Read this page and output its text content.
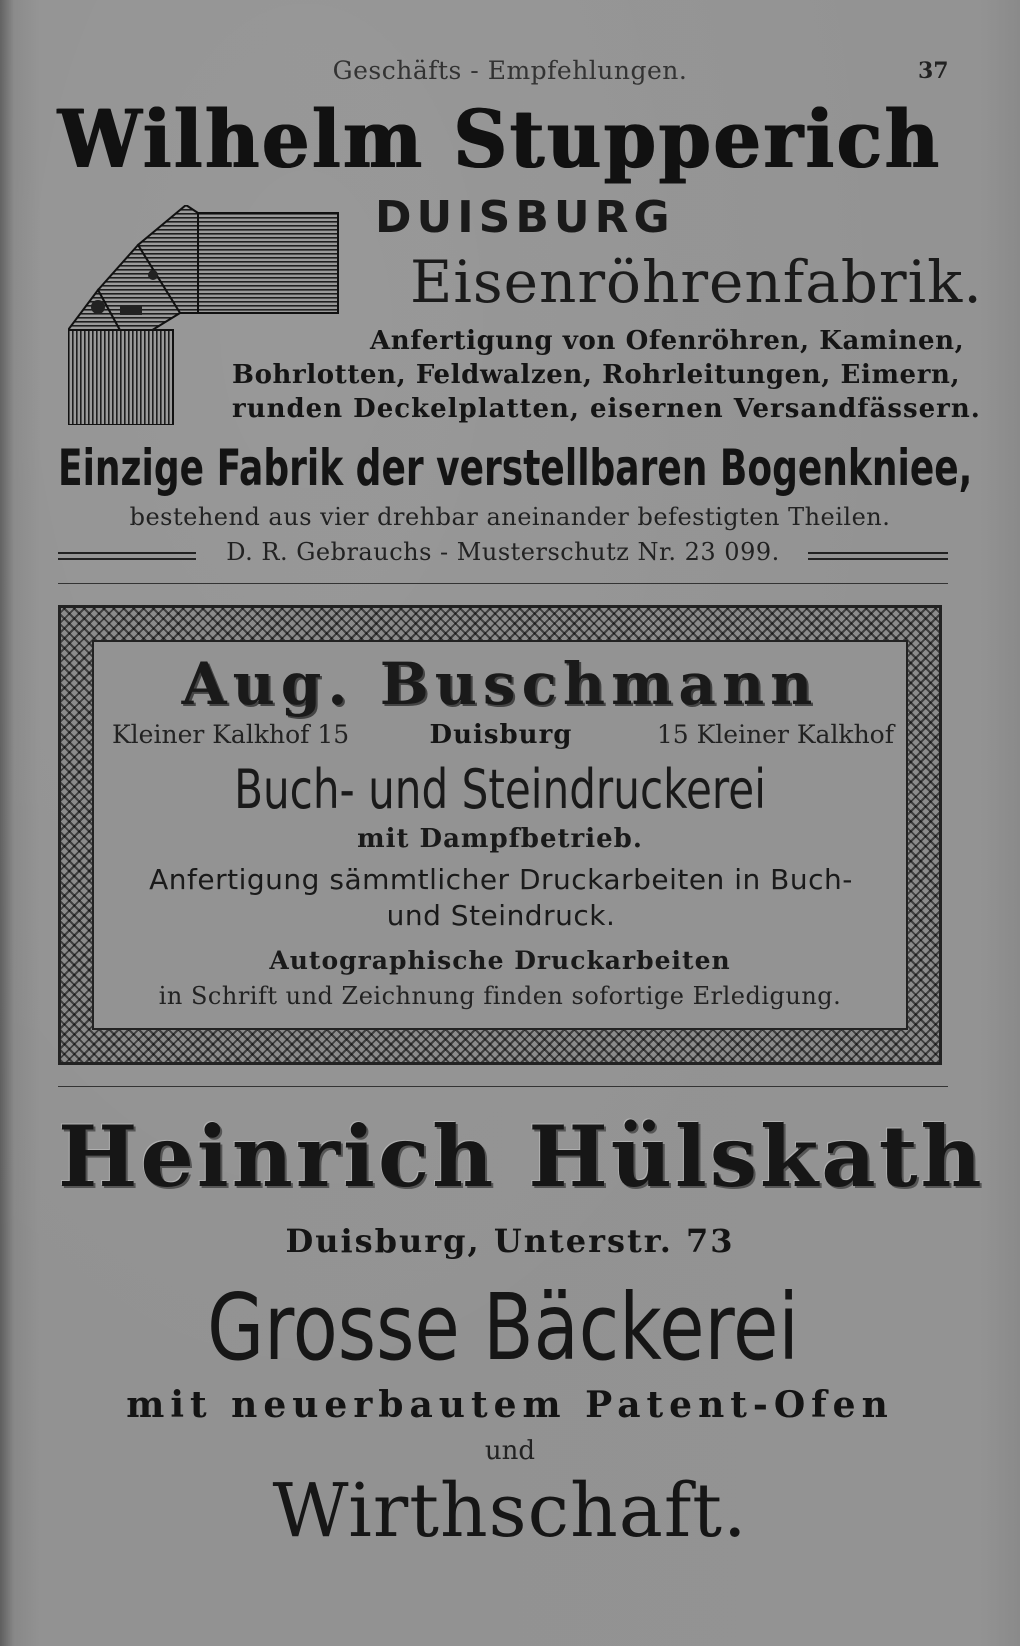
Geschäfts - Empfehlungen.	37
Wilhelm Stupperich
DUISBURG
Eisenröhrenfabrik.
Anfertigung von Ofenröhren, Kaminen,
Bohrlotten, Feldwalzen, Rohrleitungen, Eimern,
runden Deckelplatten, eisernen Versandfässern.
Einzige Fabrik der verstellbaren Bogenkniee,
bestehend aus vier drehbar aneinander befestigten Theilen.
D. R. Gebrauchs - Musterschutz Nr. 23 099.
Aug. Buschmann
Kleiner Kalkhof 15	Duisburg	15 Kleiner Kalkhof
Buch- und Steindruckerei
mit Dampfbetrieb.
Anfertigung sämmtlicher Druckarbeiten in Buch-
und Steindruck.
Autographische Druckarbeiten
in Schrift und Zeichnung finden sofortige Erledigung.
Heinrich Hülskath
Duisburg, Unterstr. 73
Grosse Bäckerei
mit neuerbautem Patent-Ofen
und
Wirthschaft.
